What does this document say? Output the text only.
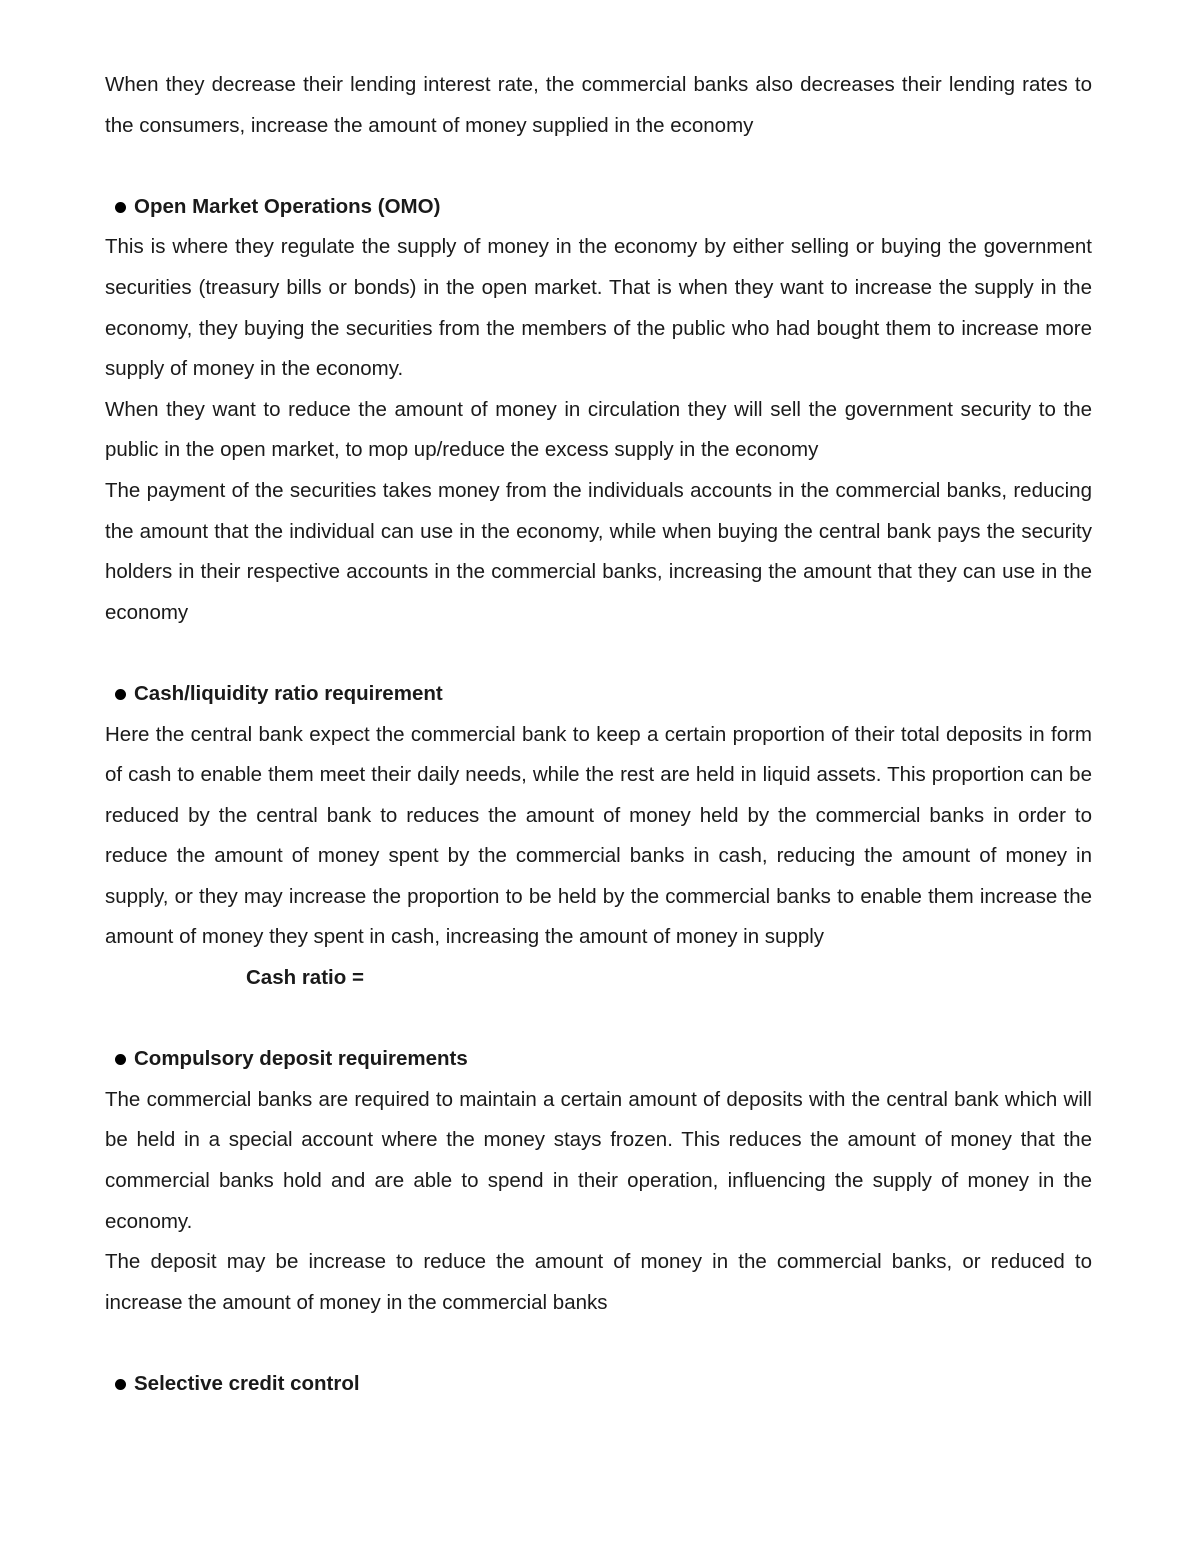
When they decrease their lending interest rate, the commercial banks also decreases their lending rates to the consumers, increase the amount of money supplied in the economy

Open Market Operations (OMO)

This is where they regulate the supply of money in the economy by either selling or buying the government securities (treasury bills or bonds) in the open market. That is when they want to increase the supply in the economy, they buying the securities from the members of the public who had bought them to increase more supply of money in the economy.

When they want to reduce the amount of money in circulation they will sell the government security to the public in the open market, to mop up/reduce the excess supply in the economy

The payment of the securities takes money from the individuals accounts in the commercial banks, reducing the amount that the individual can use in the economy, while when buying the central bank pays the security holders in their respective accounts in the commercial banks, increasing the amount that they can use in the economy

Cash/liquidity ratio requirement

Here the central bank expect the commercial bank to keep a certain proportion of their total deposits in form of cash to enable them meet their daily needs, while the rest are held in liquid assets. This proportion can be reduced by the central bank to reduces the amount of money held by the commercial banks in order to reduce the amount of money spent by the commercial banks in cash, reducing the amount of money in supply, or they may increase the proportion to be held by the commercial banks to enable them increase the amount of money they spent in cash, increasing the amount of money in supply

Cash ratio =

Compulsory deposit requirements

The commercial banks are required to maintain a certain amount of deposits with the central bank which will be held in a special account where the money stays frozen. This reduces the amount of money that the commercial banks hold and are able to spend in their operation, influencing the supply of money in the economy.

The deposit may be increase to reduce the amount of money in the commercial banks, or reduced to increase the amount of money in the commercial banks

Selective credit control
